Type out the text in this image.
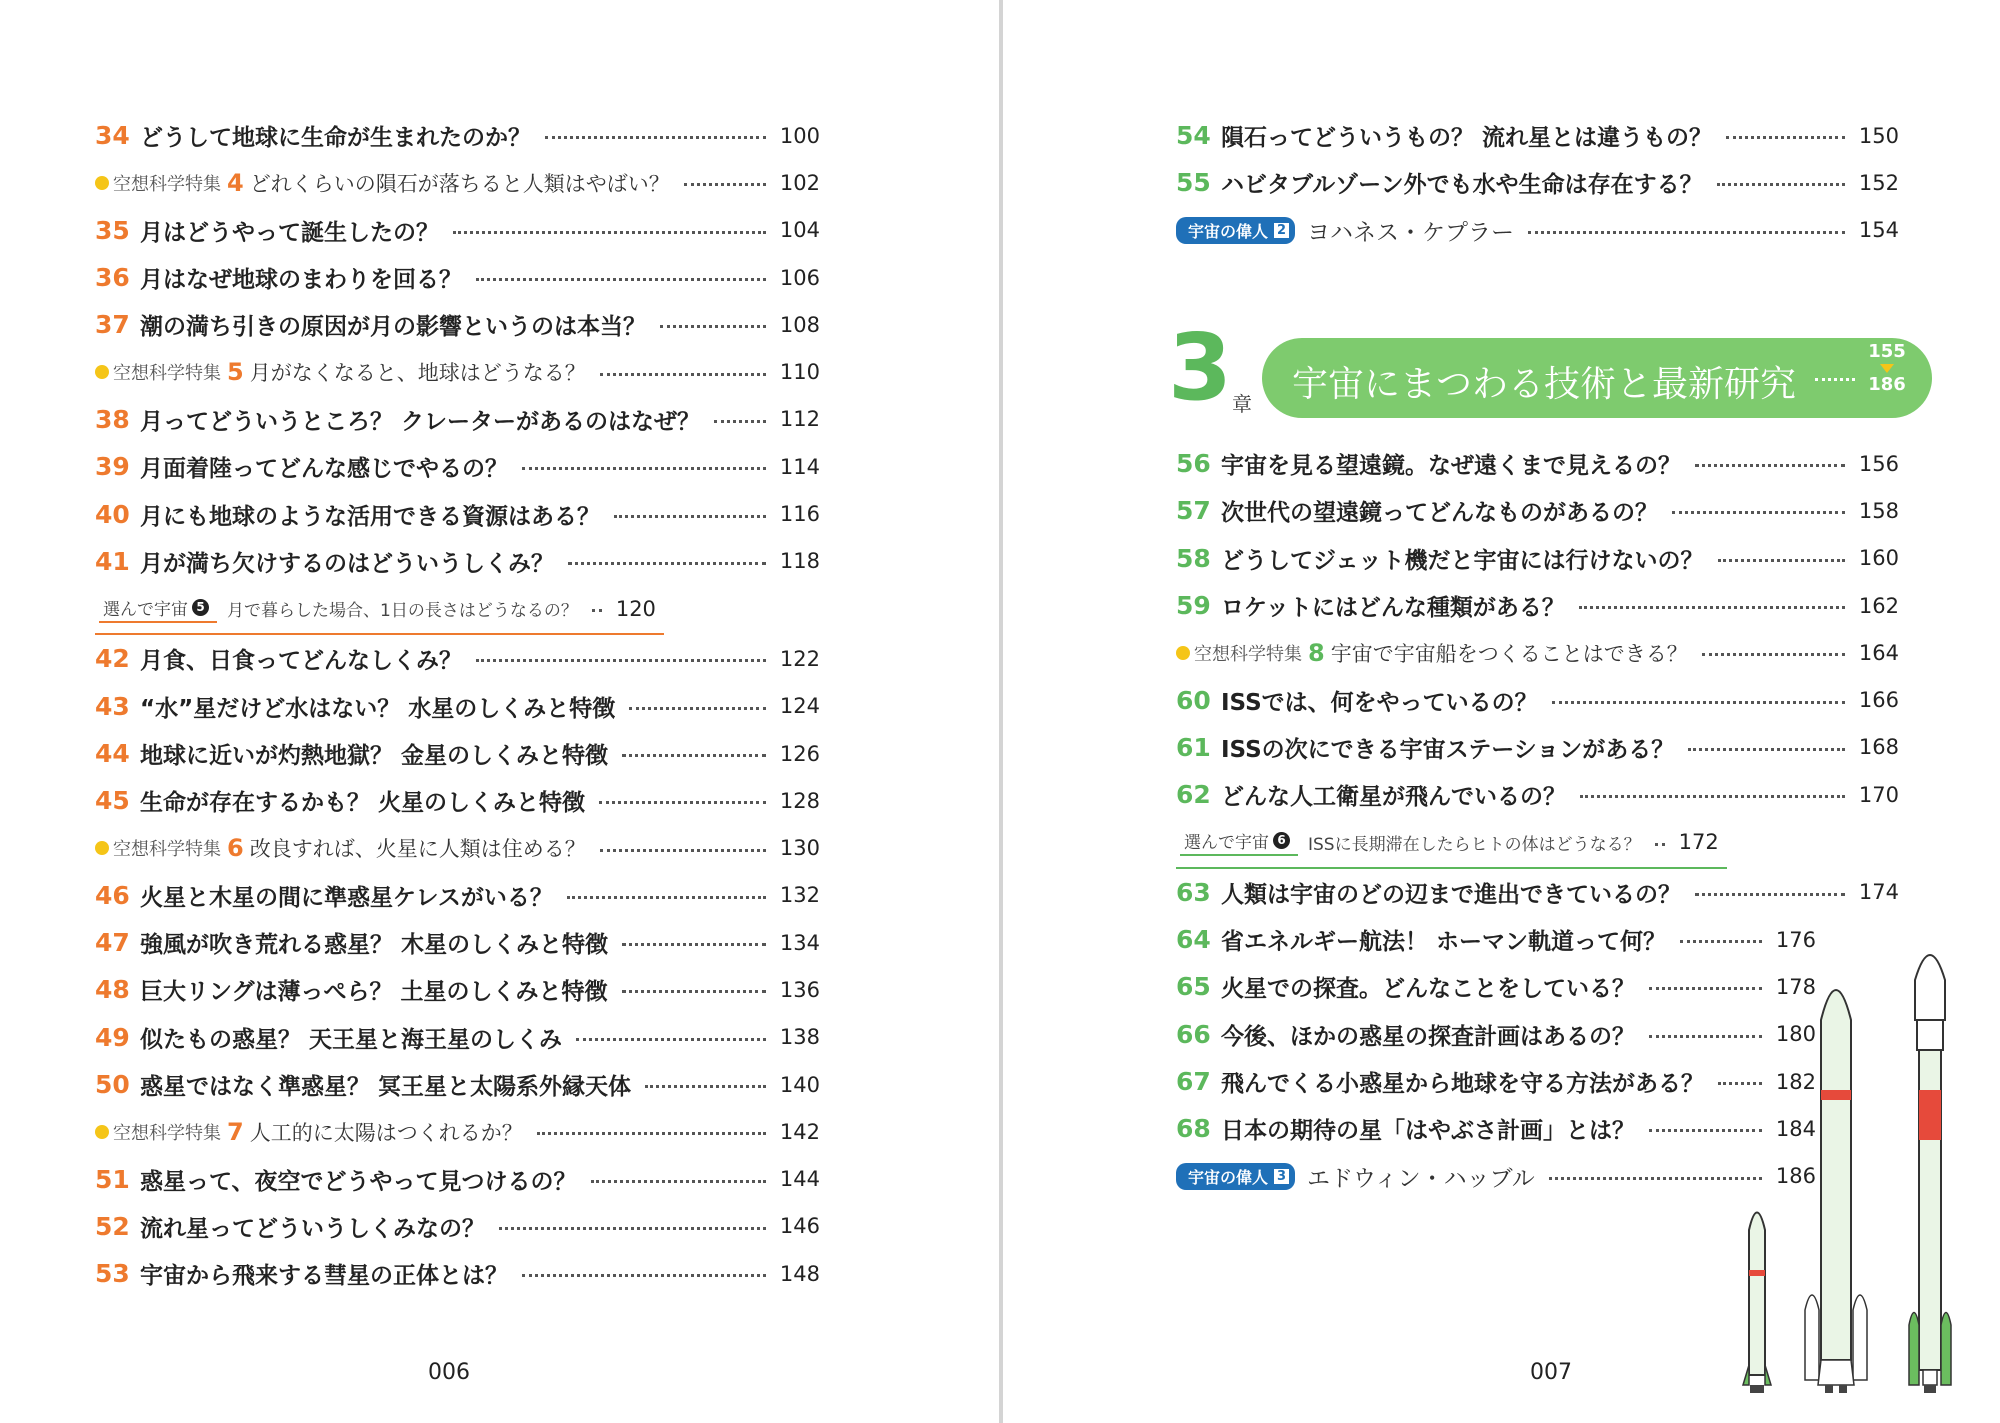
34 どうして地球に生命が生まれたのか？	100
空想科学特集 4 どれくらいの隕石が落ちると人類はやばい？	102
35 月はどうやって誕生したの？	104
36 月はなぜ地球のまわりを回る？	106
37 潮の満ち引きの原因が月の影響というのは本当？	108
空想科学特集 5 月がなくなると、地球はどうなる？	110
38 月ってどういうところ？ クレーターがあるのはなぜ？	112
39 月面着陸ってどんな感じでやるの？	114
40 月にも地球のような活用できる資源はある？	116
41 月が満ち欠けするのはどういうしくみ？	118
選んで宇宙 5 月で暮らした場合、1日の長さはどうなるの？ 120
42 月食、日食ってどんなしくみ？	122
43 “水”星だけど水はない？ 水星のしくみと特徴	124
44 地球に近いが灼熱地獄？ 金星のしくみと特徴	126
45 生命が存在するかも？ 火星のしくみと特徴	128
空想科学特集 6 改良すれば、火星に人類は住める？	130
46 火星と木星の間に準惑星ケレスがいる？	132
47 強風が吹き荒れる惑星？ 木星のしくみと特徴	134
48 巨大リングは薄っぺら？ 土星のしくみと特徴	136
49 似たもの惑星？ 天王星と海王星のしくみ	138
50 惑星ではなく準惑星？ 冥王星と太陽系外縁天体	140
空想科学特集 7 人工的に太陽はつくれるか？	142
51 惑星って、夜空でどうやって見つけるの？	144
52 流れ星ってどういうしくみなの？	146
53 宇宙から飛来する彗星の正体とは？	148
006
54 隕石ってどういうもの？ 流れ星とは違うもの？	150
55 ハビタブルゾーン外でも水や生命は存在する？	152
宇宙の偉人 2 ヨハネス・ケプラー	154
3 章 宇宙にまつわる技術と最新研究
155
186
56 宇宙を見る望遠鏡。なぜ遠くまで見えるの？	156
57 次世代の望遠鏡ってどんなものがあるの？	158
58 どうしてジェット機だと宇宙には行けないの？	160
59 ロケットにはどんな種類がある？	162
空想科学特集 8 宇宙で宇宙船をつくることはできる？	164
60 ISSでは、何をやっているの？	166
61 ISSの次にできる宇宙ステーションがある？	168
62 どんな人工衛星が飛んでいるの？	170
選んで宇宙 6 ISSに長期滞在したらヒトの体はどうなる？ 172
63 人類は宇宙のどの辺まで進出できているの？	174
64 省エネルギー航法！ ホーマン軌道って何？	176
65 火星での探査。どんなことをしている？	178
66 今後、ほかの惑星の探査計画はあるの？	180
67 飛んでくる小惑星から地球を守る方法がある？	182
68 日本の期待の星「はやぶさ計画」とは？	184
宇宙の偉人 3 エドウィン・ハッブル	186
007
